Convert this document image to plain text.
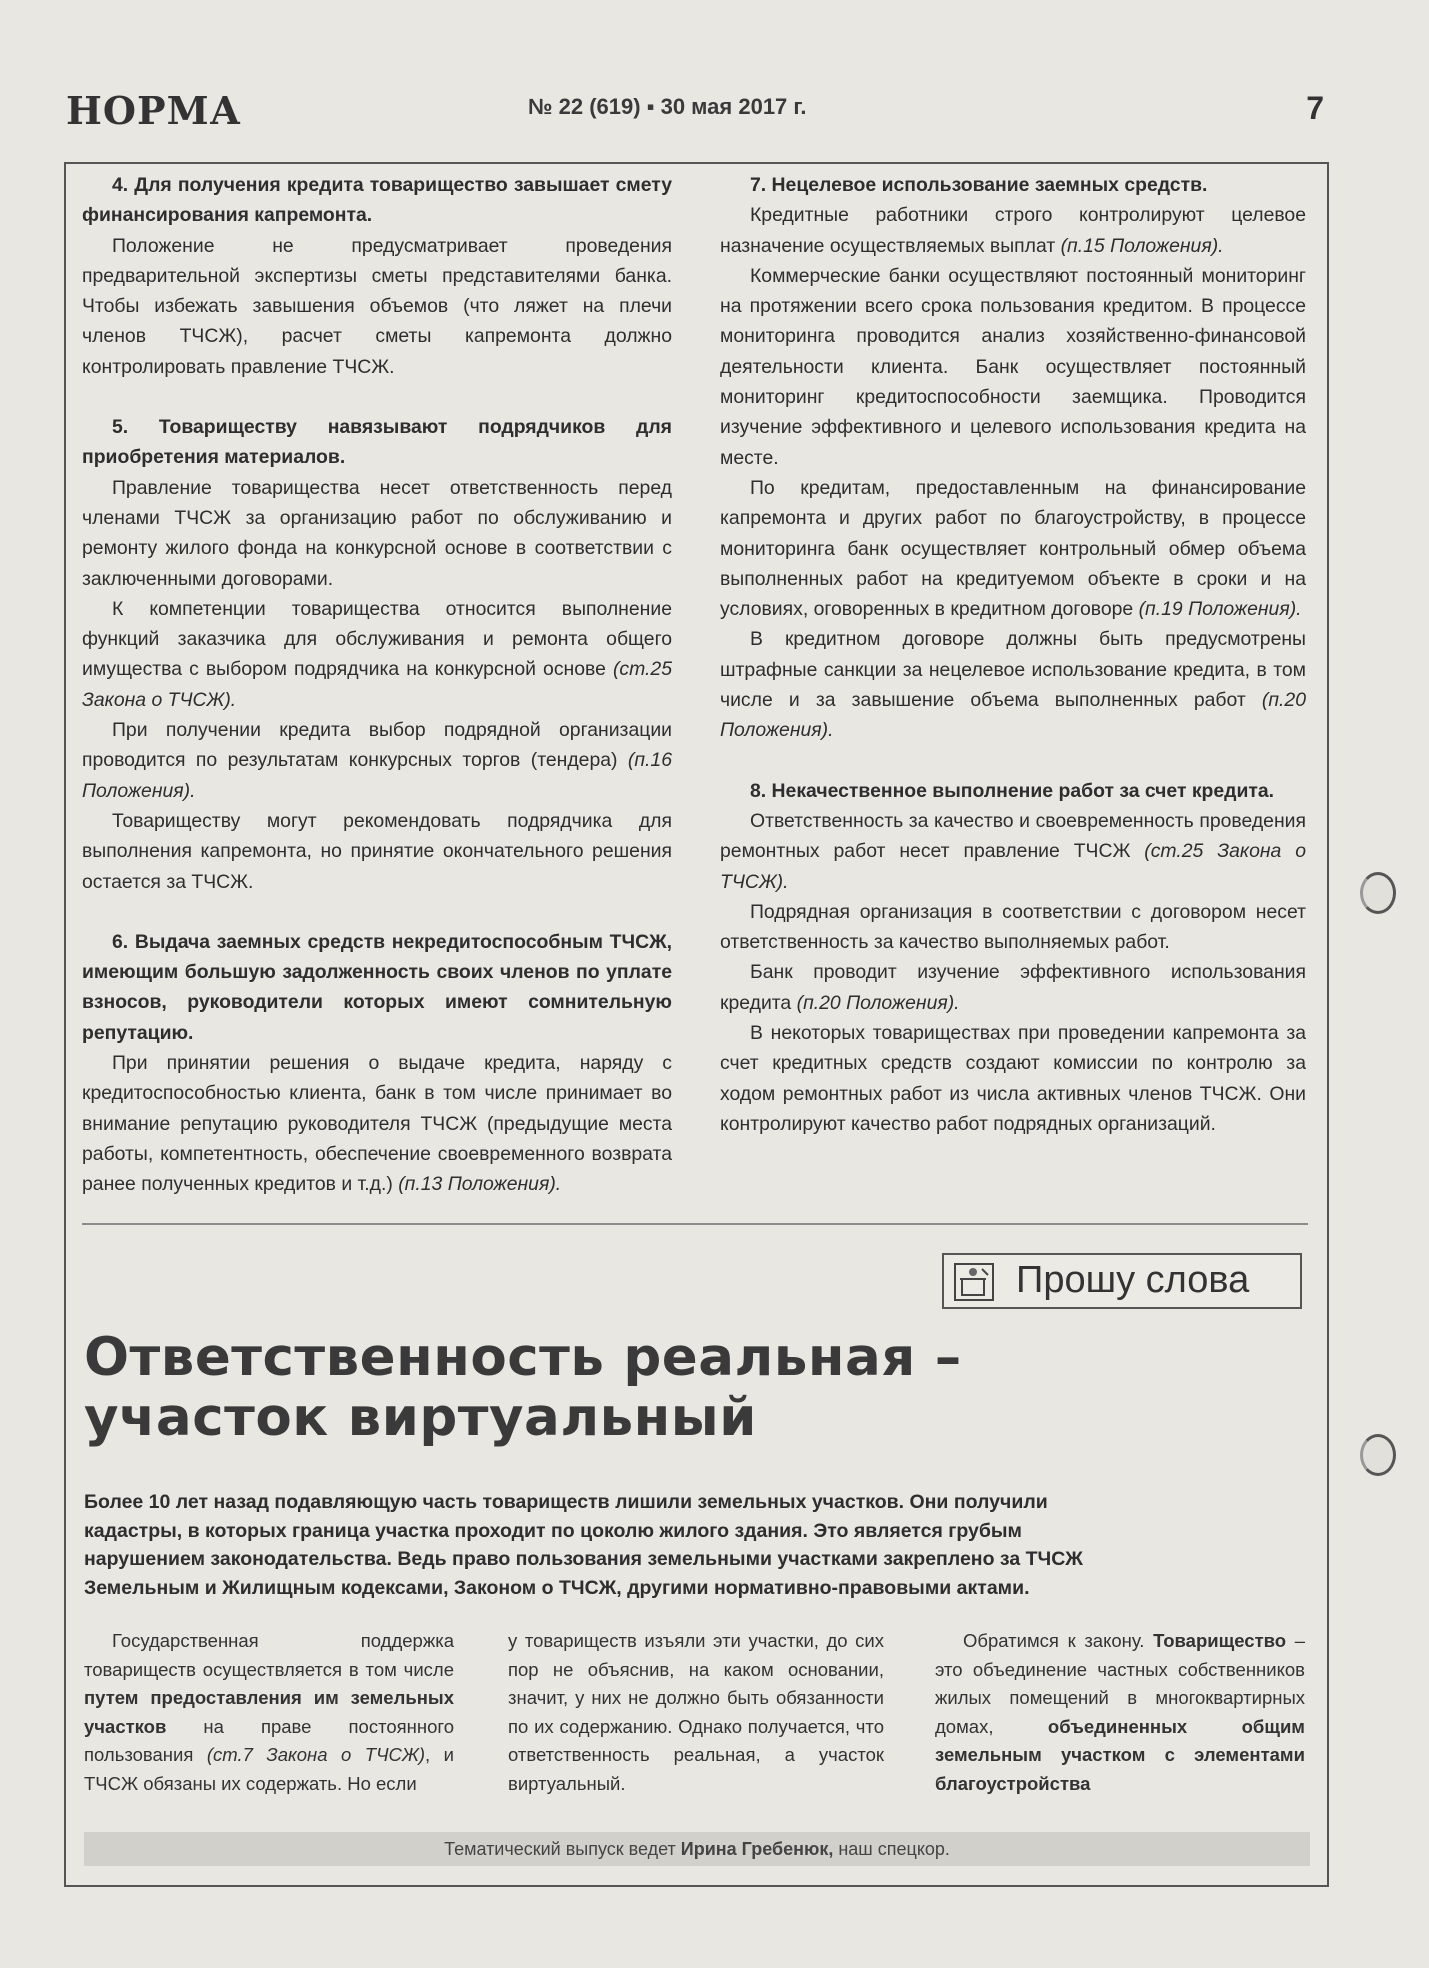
НОРМА	№ 22 (619) ▪ 30 мая 2017 г.	7
4. Для получения кредита товарищество завышает смету финансирования капремонта.

Положение не предусматривает проведения предварительной экспертизы сметы представителями банка. Чтобы избежать завышения объемов (что ляжет на плечи членов ТЧСЖ), расчет сметы капремонта должно контролировать правление ТЧСЖ.

5. Товариществу навязывают подрядчиков для приобретения материалов.

Правление товарищества несет ответственность перед членами ТЧСЖ за организацию работ по обслуживанию и ремонту жилого фонда на конкурсной основе в соответствии с заключенными договорами.

К компетенции товарищества относится выполнение функций заказчика для обслуживания и ремонта общего имущества с выбором подрядчика на конкурсной основе (ст.25 Закона о ТЧСЖ).

При получении кредита выбор подрядной организации проводится по результатам конкурсных торгов (тендера) (п.16 Положения).

Товариществу могут рекомендовать подрядчика для выполнения капремонта, но принятие окончательного решения остается за ТЧСЖ.

6. Выдача заемных средств некредитоспособным ТЧСЖ, имеющим большую задолженность своих членов по уплате взносов, руководители которых имеют сомнительную репутацию.

При принятии решения о выдаче кредита, наряду с кредитоспособностью клиента, банк в том числе принимает во внимание репутацию руководителя ТЧСЖ (предыдущие места работы, компетентность, обеспечение своевременного возврата ранее полученных кредитов и т.д.) (п.13 Положения).

7. Нецелевое использование заемных средств.

Кредитные работники строго контролируют целевое назначение осуществляемых выплат (п.15 Положения).

Коммерческие банки осуществляют постоянный мониторинг на протяжении всего срока пользования кредитом. В процессе мониторинга проводится анализ хозяйственно-финансовой деятельности клиента. Банк осуществляет постоянный мониторинг кредитоспособности заемщика. Проводится изучение эффективного и целевого использования кредита на месте.

По кредитам, предоставленным на финансирование капремонта и других работ по благоустройству, в процессе мониторинга банк осуществляет контрольный обмер объема выполненных работ на кредитуемом объекте в сроки и на условиях, оговоренных в кредитном договоре (п.19 Положения).

В кредитном договоре должны быть предусмотрены штрафные санкции за нецелевое использование кредита, в том числе и за завышение объема выполненных работ (п.20 Положения).

8. Некачественное выполнение работ за счет кредита.

Ответственность за качество и своевременность проведения ремонтных работ несет правление ТЧСЖ (ст.25 Закона о ТЧСЖ).

Подрядная организация в соответствии с договором несет ответственность за качество выполняемых работ.

Банк проводит изучение эффективного использования кредита (п.20 Положения).

В некоторых товариществах при проведении капремонта за счет кредитных средств создают комиссии по контролю за ходом ремонтных работ из числа активных членов ТЧСЖ. Они контролируют качество работ подрядных организаций.

Прошу слова
Ответственность реальная –
участок виртуальный
Более 10 лет назад подавляющую часть товариществ лишили земельных участков. Они получили кадастры, в которых граница участка проходит по цоколю жилого здания. Это является грубым нарушением законодательства. Ведь право пользования земельными участками закреплено за ТЧСЖ Земельным и Жилищным кодексами, Законом о ТЧСЖ, другими нормативно-правовыми актами.

Государственная поддержка товариществ осуществляется в том числе путем предоставления им земельных участков на праве постоянного пользования (ст.7 Закона о ТЧСЖ), и ТЧСЖ обязаны их содержать. Но если

у товариществ изъяли эти участки, до сих пор не объяснив, на каком основании, значит, у них не должно быть обязанности по их содержанию. Однако получается, что ответственность реальная, а участок виртуальный.

Обратимся к закону. Товарищество – это объединение частных собственников жилых помещений в многоквартирных домах, объединенных общим земельным участком с элементами благоустройства

Тематический выпуск ведет Ирина Гребенюк, наш спецкор.
